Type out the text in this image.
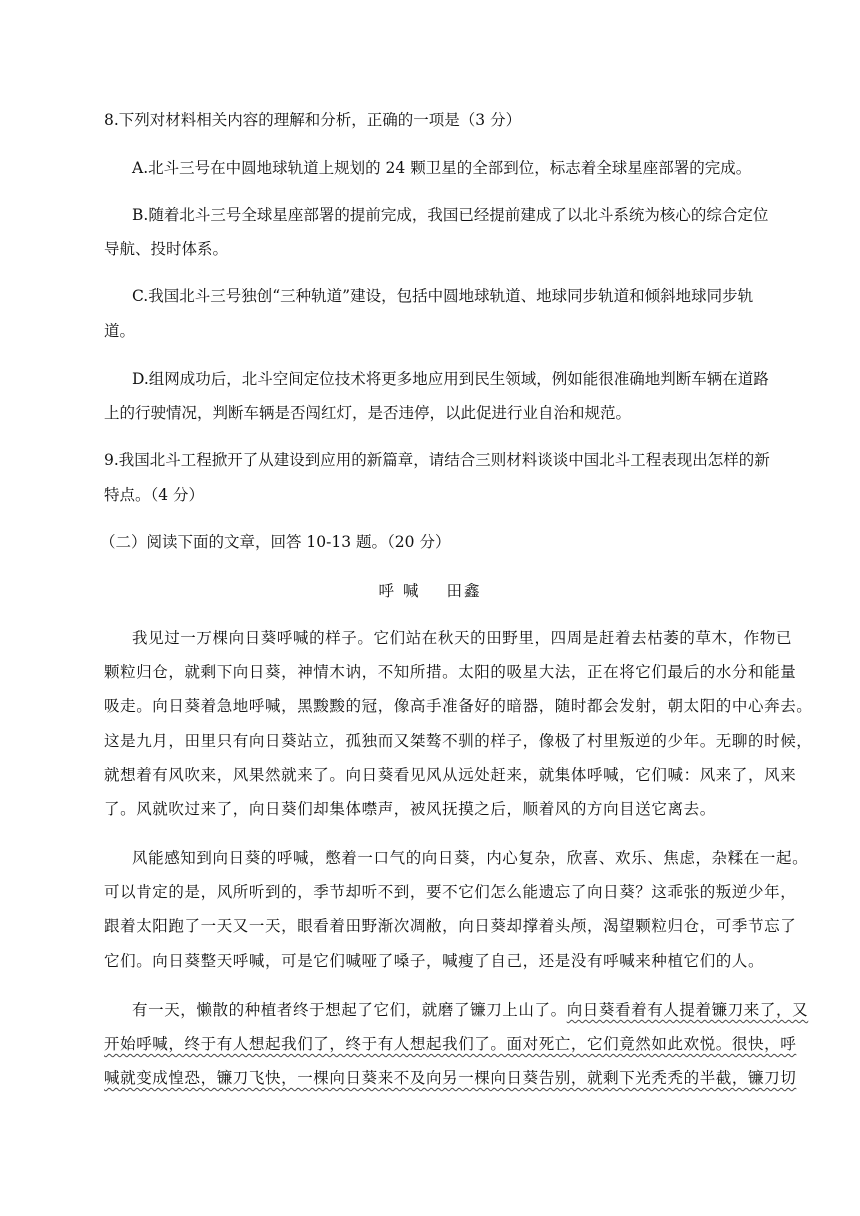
8.下列对材料相关内容的理解和分析，正确的一项是（3 分）
A.北斗三号在中圆地球轨道上规划的 24 颗卫星的全部到位，标志着全球星座部署的完成。
B.随着北斗三号全球星座部署的提前完成，我国已经提前建成了以北斗系统为核心的综合定位
导航、投时体系。
C.我国北斗三号独创“三种轨道”建设，包括中圆地球轨道、地球同步轨道和倾斜地球同步轨
道。
D.组网成功后，北斗空间定位技术将更多地应用到民生领域，例如能很准确地判断车辆在道路
上的行驶情况，判断车辆是否闯红灯，是否违停，以此促进行业自治和规范。
9.我国北斗工程掀开了从建设到应用的新篇章，请结合三则材料谈谈中国北斗工程表现出怎样的新
特点。（4 分）
（二）阅读下面的文章，回答 10-13 题。（20 分）
呼 喊 田鑫
我见过一万棵向日葵呼喊的样子。它们站在秋天的田野里，四周是赶着去枯萎的草木，作物已
颗粒归仓，就剩下向日葵，神情木讷，不知所措。太阳的吸星大法，正在将它们最后的水分和能量
吸走。向日葵着急地呼喊，黑黢黢的冠，像高手准备好的暗器，随时都会发射，朝太阳的中心奔去。
这是九月，田里只有向日葵站立，孤独而又桀骜不驯的样子，像极了村里叛逆的少年。无聊的时候，
就想着有风吹来，风果然就来了。向日葵看见风从远处赶来，就集体呼喊，它们喊：风来了，风来
了。风就吹过来了，向日葵们却集体噤声，被风抚摸之后，顺着风的方向目送它离去。
风能感知到向日葵的呼喊，憋着一口气的向日葵，内心复杂，欣喜、欢乐、焦虑，杂糅在一起。
可以肯定的是，风所听到的，季节却听不到，要不它们怎么能遗忘了向日葵？这乖张的叛逆少年，
跟着太阳跑了一天又一天，眼看着田野渐次凋敝，向日葵却撑着头颅，渴望颗粒归仓，可季节忘了
它们。向日葵整天呼喊，可是它们喊哑了嗓子，喊瘦了自己，还是没有呼喊来种植它们的人。
有一天，懒散的种植者终于想起了它们，就磨了镰刀上山了。向日葵看着有人提着镰刀来了，又
开始呼喊，终于有人想起我们了，终于有人想起我们了。面对死亡，它们竟然如此欢悦。很快，呼
喊就变成惶恐，镰刀飞快，一棵向日葵来不及向另一棵向日葵告别，就剩下光秃秃的半截，镰刀切
